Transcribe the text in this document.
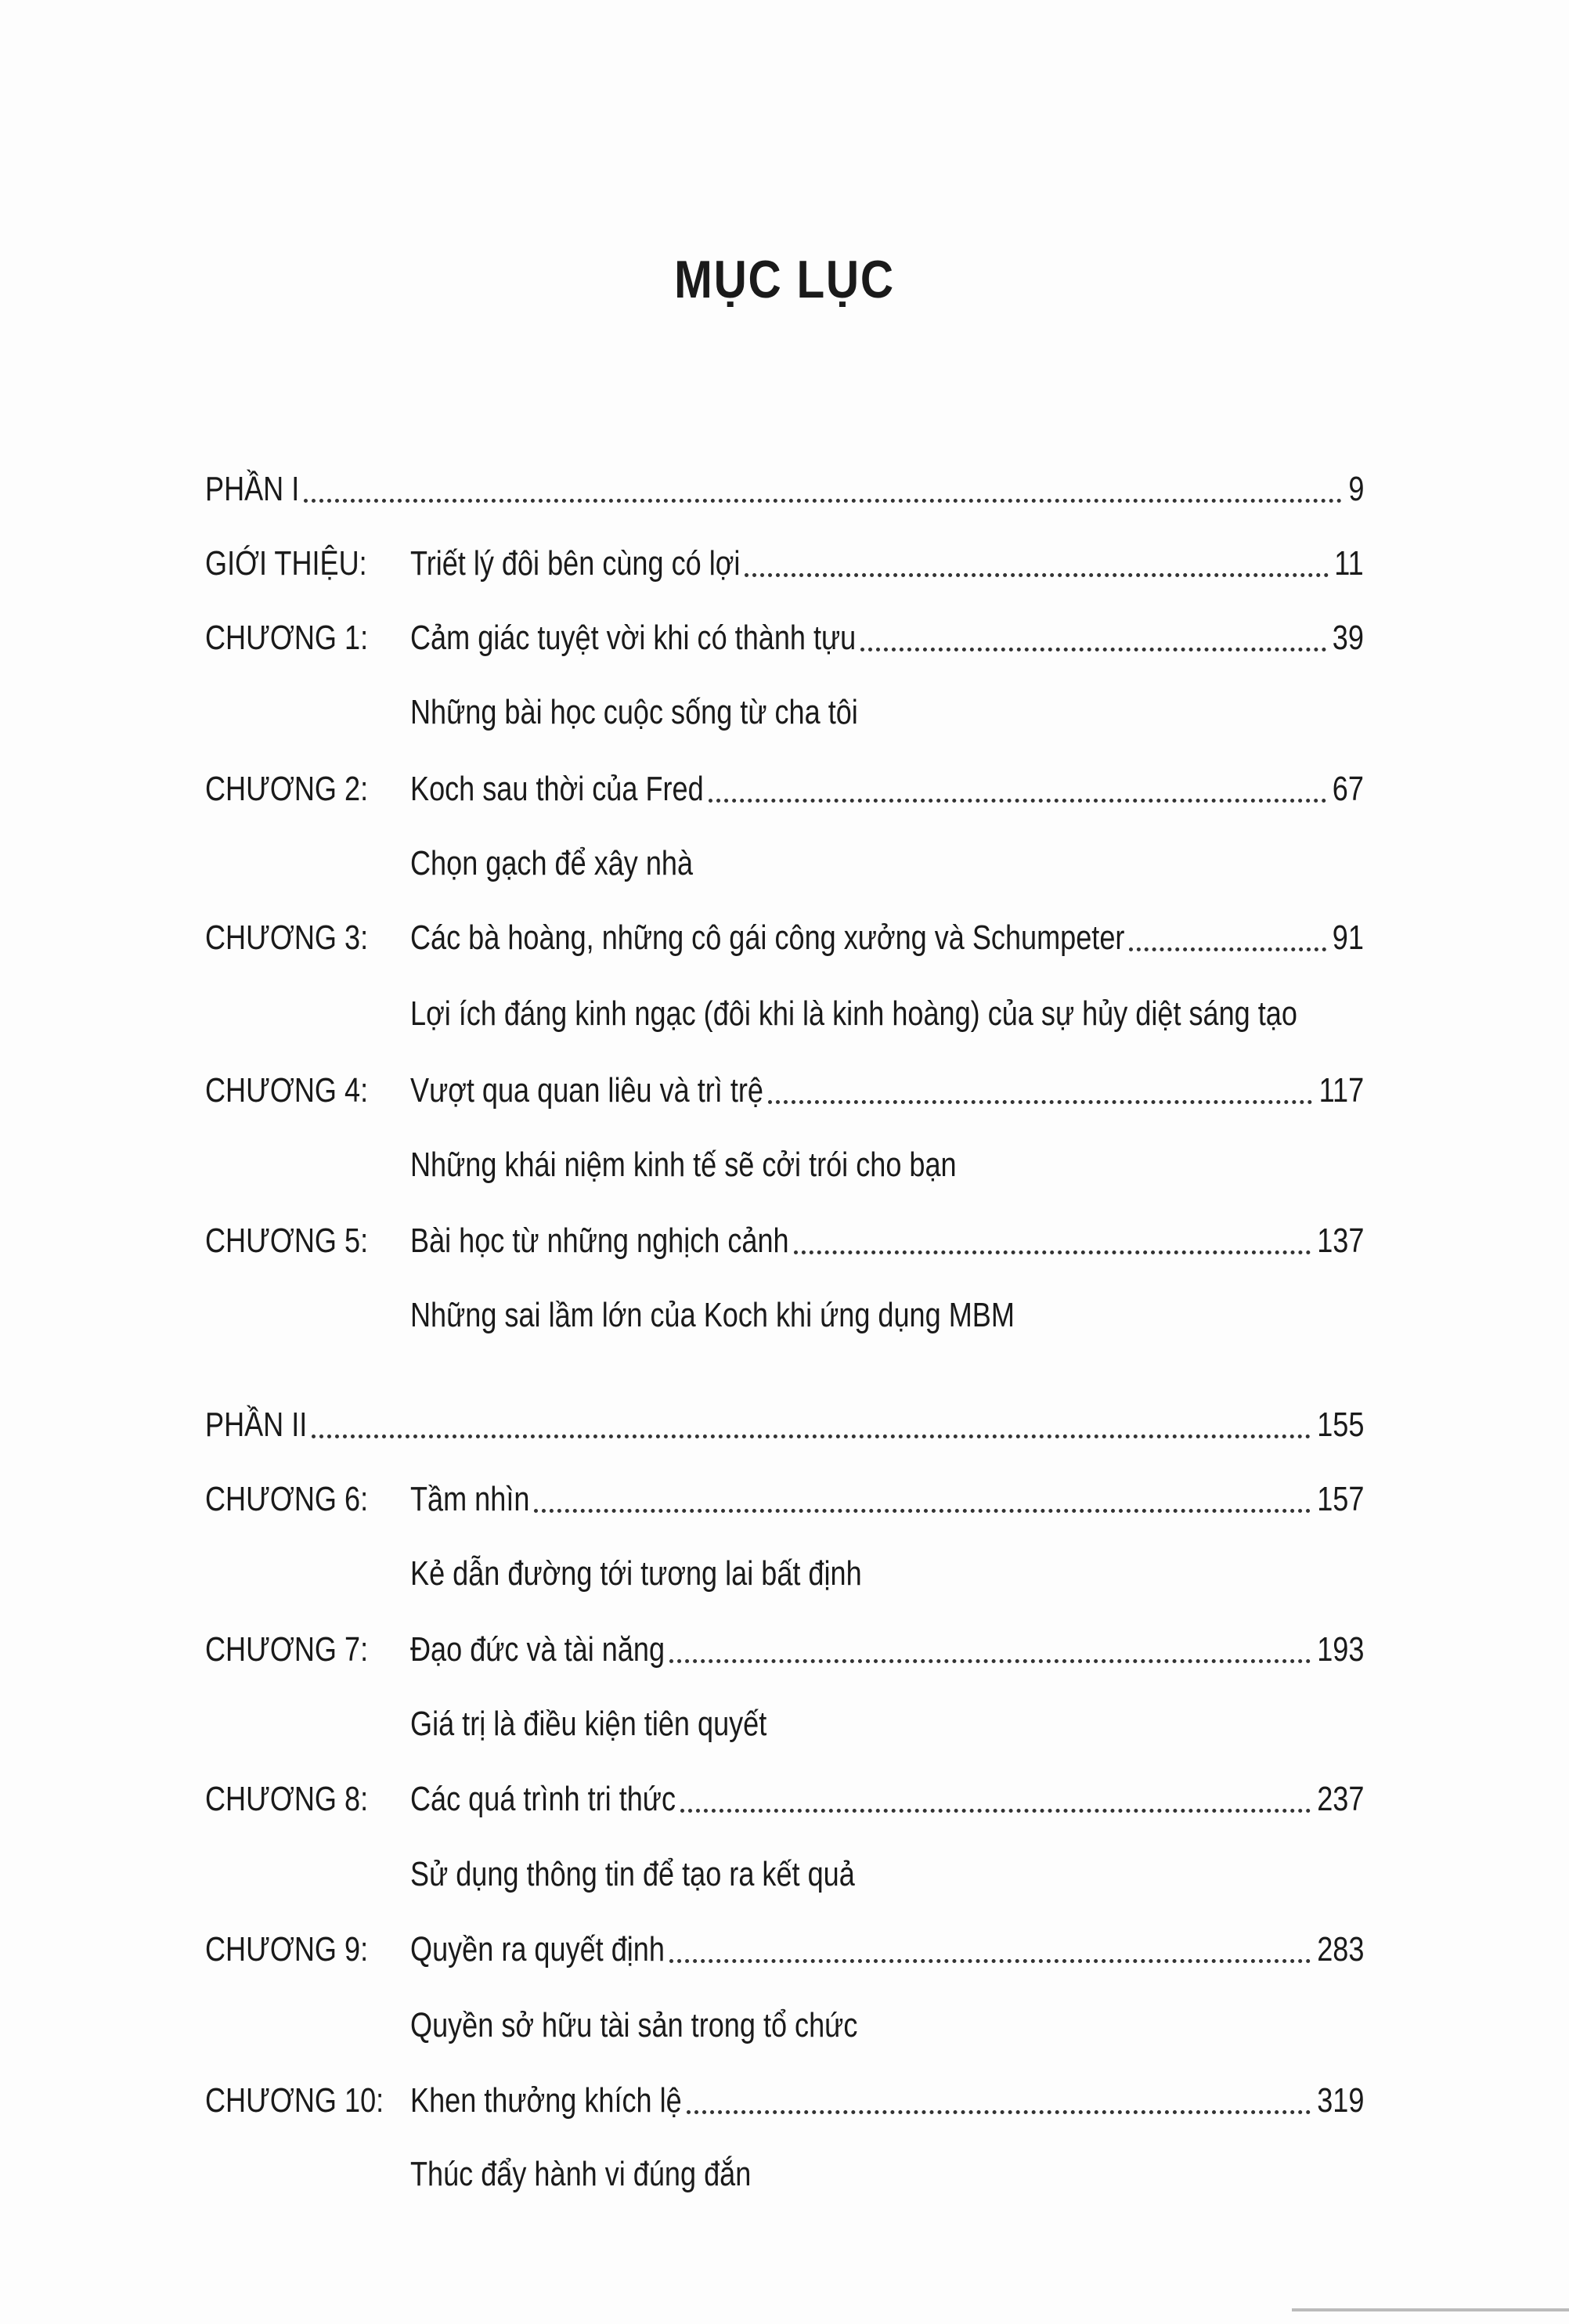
MỤC LỤC
PHẦN I	9
GIỚI THIỆU: Triết lý đôi bên cùng có lợi	11
CHƯƠNG 1: Cảm giác tuyệt vời khi có thành tựu	39
Những bài học cuộc sống từ cha tôi
CHƯƠNG 2: Koch sau thời của Fred	67
Chọn gạch để xây nhà
CHƯƠNG 3: Các bà hoàng, những cô gái công xưởng và Schumpeter	91
Lợi ích đáng kinh ngạc (đôi khi là kinh hoàng) của sự hủy diệt sáng tạo
CHƯƠNG 4: Vượt qua quan liêu và trì trệ	117
Những khái niệm kinh tế sẽ cởi trói cho bạn
CHƯƠNG 5: Bài học từ những nghịch cảnh	137
Những sai lầm lớn của Koch khi ứng dụng MBM
PHẦN II	155
CHƯƠNG 6: Tầm nhìn	157
Kẻ dẫn đường tới tương lai bất định
CHƯƠNG 7: Đạo đức và tài năng	193
Giá trị là điều kiện tiên quyết
CHƯƠNG 8: Các quá trình tri thức	237
Sử dụng thông tin để tạo ra kết quả
CHƯƠNG 9: Quyền ra quyết định	283
Quyền sở hữu tài sản trong tổ chức
CHƯƠNG 10: Khen thưởng khích lệ	319
Thúc đẩy hành vi đúng đắn
